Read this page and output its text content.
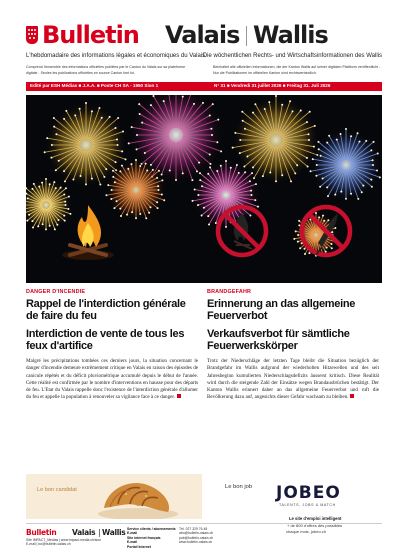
Bulletin Valais Wallis
L'hebdomadaire des informations légales et économiques du Valais
Die wöchentlichen Rechts- und Wirtschaftsinformationen des Wallis
Comprend l'ensemble des informations officielles publiées par le Canton du Valais sur sa plateforme digitale - Seules les publications officielles en source Canton font foi.
Beinhaltet alle offiziellen Informationen, die der Kanton Wallis auf seiner digitalen Plattform veröffentlicht - Nur die Publikationen im offiziellen Kanton sind rechtsverbindlich.
Edité par ESH Médias ■ J.A.A. ■ Poste CH SA - 1950 Sion 1	N° 31 ■ Vendredi 31 juillet 2026 ■ Freitag 31. Juli 2026
DANGER D'INCENDIE
Rappel de l'interdiction générale de faire du feu
Interdiction de vente de tous les feux d'artifice
Malgré les précipitations tombées ces derniers jours, la situation concernant le danger d'incendie demeure extrêmement critique en Valais en raison des épisodes de canicule répétés et du déficit pluviométrique accumulé depuis le début de l'année. Cette réalité est confirmée par le nombre d'interventions en hausse pour des départs de feu. L'Etat du Valais rappelle donc l'existence de l'interdiction générale d'allumer du feu et appelle la population à renouveler sa vigilance face à ce danger.
BRANDGEFAHR
Erinnerung an das allgemeine Feuerverbot
Verkaufsverbot für sämtliche Feuerwerkskörper
Trotz der Niederschläge der letzten Tage bleibt die Situation bezüglich der Brandgefahr im Wallis aufgrund der wiederholten Hitzewellen und des seit Jahresbeginn kumulierten Niederschlagsdefizits äusserst kritisch. Diese Realität wird durch die steigende Zahl der Einsätze wegen Brandausbrüchen bestätigt. Der Kanton Wallis erinnert daher an das allgemeine Feuerverbot und ruft die Bevölkerung dazu auf, angesichts dieser Gefahr wachsam zu bleiben.
Le bon candidat	Le bon job JOBEO
TALENTS, JOBS & MATCH
Le site d'emploi intelligent
+ de 800 d'offres dès possibles
chaque mois. jobeo.ch
Bulletin Valais Wallis
Site IMPACT_Médias | www.impact-media.ch/sion
E-mail | bo@bulletin-valais.ch
Service clients / abonnements
E-mail
Site internet français
E-mail
Portail Internet
Tél. 027 329 76 48
abo@bulletin-valais.ch
pub@bulletin-valais.ch
www.bulletin-valais.ch
